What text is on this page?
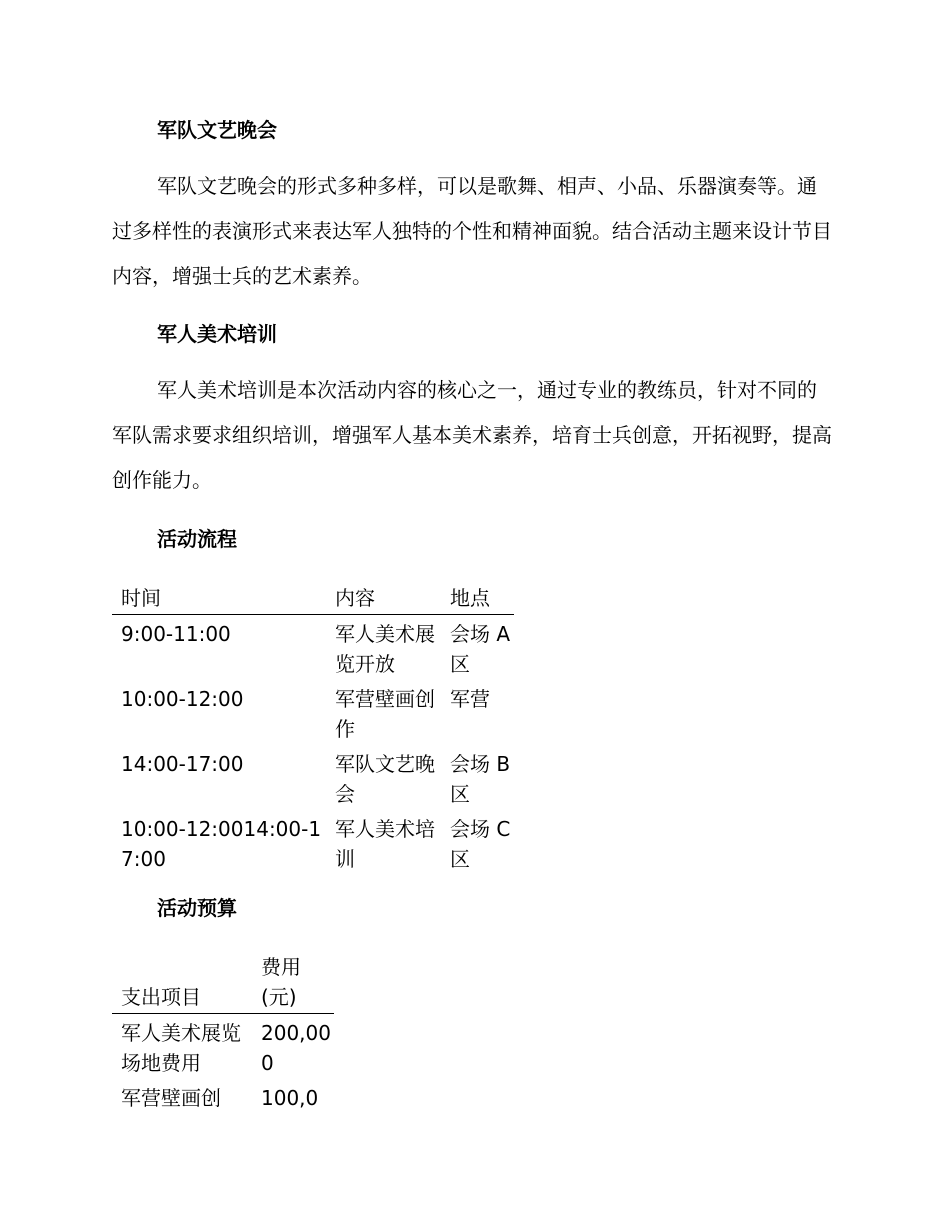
军队文艺晚会

军队文艺晚会的形式多种多样，可以是歌舞、相声、小品、乐器演奏等。通过多样性的表演形式来表达军人独特的个性和精神面貌。结合活动主题来设计节目内容，增强士兵的艺术素养。

军人美术培训

军人美术培训是本次活动内容的核心之一，通过专业的教练员，针对不同的军队需求要求组织培训，增强军人基本美术素养，培育士兵创意，开拓视野，提高创作能力。

活动流程
时间	内容	地点
9:00-11:00	军人美术展览开放	会场 A 区
10:00-12:00	军营壁画创作	军营
14:00-17:00	军队文艺晚会	会场 B 区
10:00-12:0014:00-17:00	军人美术培训	会场 C 区
活动预算
支出项目	费用(元)
军人美术展览场地费用	200,000
军营壁画创	100,0
